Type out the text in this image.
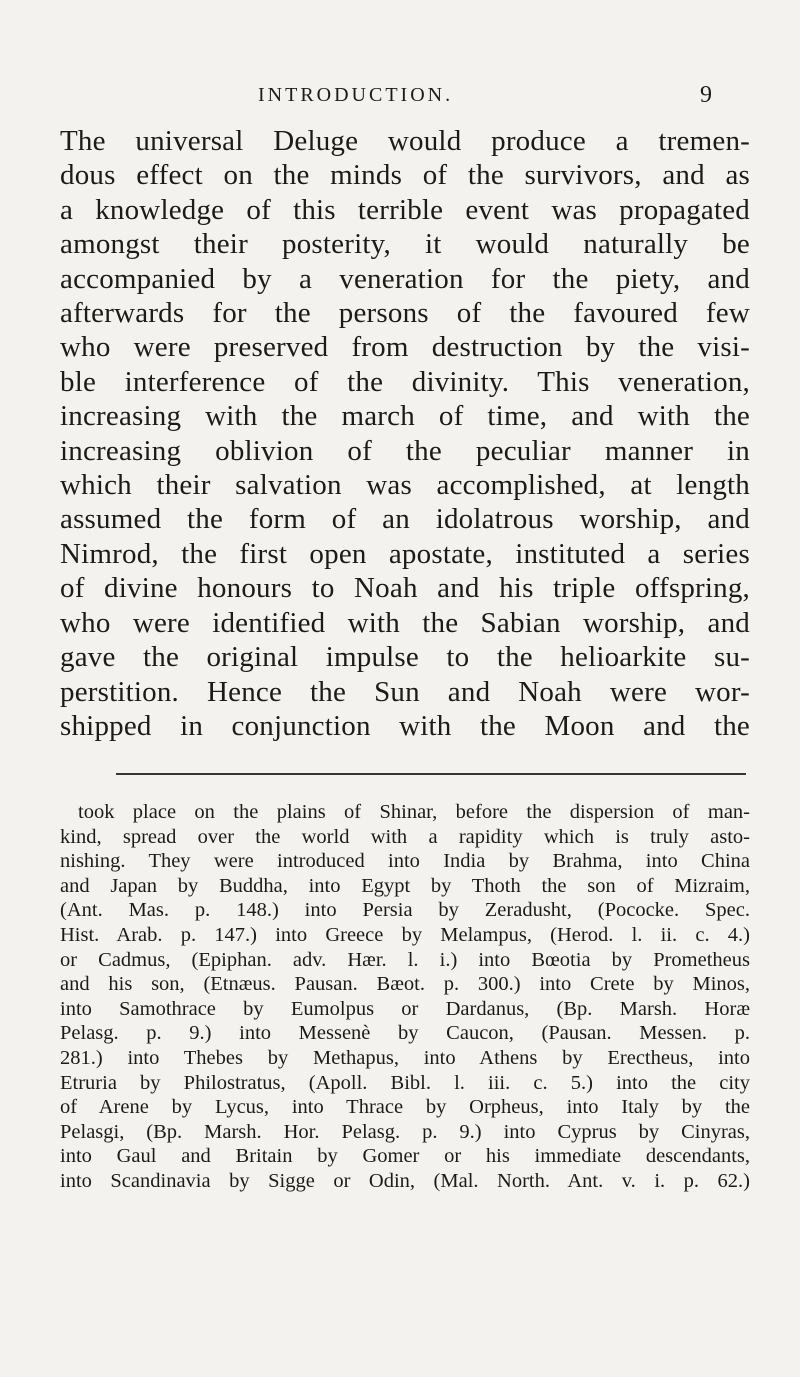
INTRODUCTION.	9
The universal Deluge would produce a tremen-
dous effect on the minds of the survivors, and as
a knowledge of this terrible event was propagated
amongst their posterity, it would naturally be
accompanied by a veneration for the piety, and
afterwards for the persons of the favoured few
who were preserved from destruction by the visi-
ble interference of the divinity. This veneration,
increasing with the march of time, and with the
increasing oblivion of the peculiar manner in
which their salvation was accomplished, at length
assumed the form of an idolatrous worship, and
Nimrod, the first open apostate, instituted a series
of divine honours to Noah and his triple offspring,
who were identified with the Sabian worship, and
gave the original impulse to the helioarkite su-
perstition. Hence the Sun and Noah were wor-
shipped in conjunction with the Moon and the
took place on the plains of Shinar, before the dispersion of man-
kind, spread over the world with a rapidity which is truly asto-
nishing. They were introduced into India by Brahma, into China
and Japan by Buddha, into Egypt by Thoth the son of Mizraim,
(Ant. Mas. p. 148.) into Persia by Zeradusht, (Pococke. Spec.
Hist. Arab. p. 147.) into Greece by Melampus, (Herod. l. ii. c. 4.)
or Cadmus, (Epiphan. adv. Hær. l. i.) into Bœotia by Prometheus
and his son, (Etnæus. Pausan. Bæot. p. 300.) into Crete by Minos,
into Samothrace by Eumolpus or Dardanus, (Bp. Marsh. Horæ
Pelasg. p. 9.) into Messenè by Caucon, (Pausan. Messen. p.
281.) into Thebes by Methapus, into Athens by Erectheus, into
Etruria by Philostratus, (Apoll. Bibl. l. iii. c. 5.) into the city
of Arene by Lycus, into Thrace by Orpheus, into Italy by the
Pelasgi, (Bp. Marsh. Hor. Pelasg. p. 9.) into Cyprus by Cinyras,
into Gaul and Britain by Gomer or his immediate descendants,
into Scandinavia by Sigge or Odin, (Mal. North. Ant. v. i. p. 62.)
